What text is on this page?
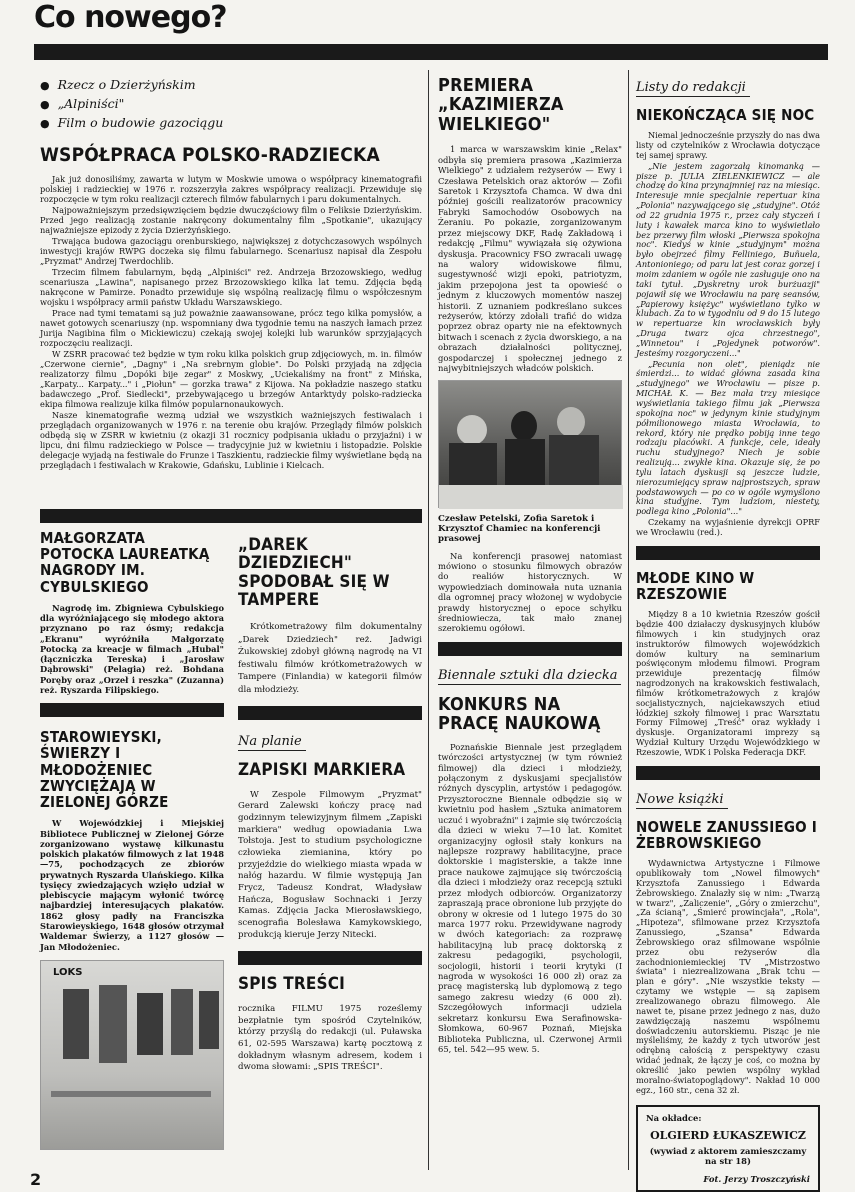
Co nowego?
● Rzecz o Dzierżyńskim
● „Alpiniści"
● Film o budowie gazociągu
WSPÓŁPRACA POLSKO-RADZIECKA

Jak już donosiliśmy, zawarta w lutym w Moskwie umowa o współpracy kinematografii polskiej i radzieckiej w 1976 r. rozszerzyła zakres współpracy realizacji. Przewiduje się rozpoczęcie w tym roku realizacji czterech filmów fabularnych i paru dokumentalnych.

Najpoważniejszym przedsięwzięciem będzie dwuczęściowy film o Feliksie Dzierżyńskim. Przed jego realizacją zostanie nakręcony dokumentalny film „Spotkanie", ukazujący najważniejsze epizody z życia Dzierżyńskiego.

Trwająca budowa gazociągu orenburskiego, największej z dotychczasowych wspólnych inwestycji krajów RWPG doczeka się filmu fabularnego. Scenariusz napisał dla Zespołu „Pryzmat" Andrzej Twerdochlib.

Trzecim filmem fabularnym, będą „Alpiniści" reż. Andrzeja Brzozowskiego, według scenariusza „Lawina", napisanego przez Brzozowskiego kilka lat temu. Zdjęcia będą nakręcone w Pamirze. Ponadto przewiduje się wspólną realizację filmu o współczesnym wojsku i współpracy armii państw Układu Warszawskiego.

Prace nad tymi tematami są już poważnie zaawansowane, prócz tego kilka pomysłów, a nawet gotowych scenariuszy (np. wspomniany dwa tygodnie temu na naszych łamach przez Jurija Nagibina film o Mickiewiczu) czekają swojej kolejki lub warunków sprzyjających rozpoczęciu realizacji.

W ZSRR pracować też będzie w tym roku kilka polskich grup zdjęciowych, m. in. filmów „Czerwone ciernie", „Dagny" i „Na srebrnym globie". Do Polski przyjadą na zdjęcia realizatorzy filmu „Dopóki bije zegar" z Moskwy, „Uciekaliśmy na front" z Mińska, „Karpaty... Karpaty..." i „Piołun" — gorzka trawa" z Kijowa. Na pokładzie naszego statku badawczego „Prof. Siedlecki", przebywającego u brzegów Antarktydy polsko-radziecka ekipa filmowa realizuje kilka filmów popularnonaukowych.

Nasze kinematografie wezmą udział we wszystkich ważniejszych festiwalach i przeglądach organizowanych w 1976 r. na terenie obu krajów. Przeglądy filmów polskich odbędą się w ZSRR w kwietniu (z okazji 31 rocznicy podpisania układu o przyjaźni) i w lipcu, dni filmu radzieckiego w Polsce — tradycyjnie już w kwietniu i listopadzie. Polskie delegacje wyjadą na festiwale do Frunze i Taszkientu, radzieckie filmy wyświetlane będą na przeglądach i festiwalach w Krakowie, Gdańsku, Lublinie i Kielcach.

MAŁGORZATA POTOCKA LAUREATKĄ NAGRODY IM. CYBULSKIEGO

Nagrodę im. Zbigniewa Cybulskiego dla wyróżniającego się młodego aktora przyznano po raz ósmy; redakcja „Ekranu" wyróżniła Małgorzatę Potocką za kreacje w filmach „Hubal" (łączniczka Tereska) i „Jarosław Dąbrowski" (Pelagia) reż. Bohdana Poręby oraz „Orzeł i reszka" (Zuzanna) reż. Ryszarda Filipskiego.

STAROWIEYSKI, ŚWIERZY I MŁODOŻENIEC ZWYCIĘŻAJĄ W ZIELONEJ GÓRZE

W Wojewódzkiej i Miejskiej Bibliotece Publicznej w Zielonej Górze zorganizowano wystawę kilkunastu polskich plakatów filmowych z lat 1948—75, pochodzących ze zbiorów prywatnych Ryszarda Ulańskiego. Kilka tysięcy zwiedzających wzięło udział w plebiscycie mającym wyłonić twórcę najbardziej interesujących plakatów. 1862 głosy padły na Franciszka Starowieyskiego, 1648 głosów otrzymał Waldemar Świerzy, a 1127 głosów — Jan Młodożeniec.

LOKS
„DAREK DZIEDZIECH" SPODOBAŁ SIĘ W TAMPERE

Krótkometrażowy film dokumentalny „Darek Dziedziech" reż. Jadwigi Żukowskiej zdobył główną nagrodę na VI festiwalu filmów krótkometrażowych w Tampere (Finlandia) w kategorii filmów dla młodzieży.

Na planie
ZAPISKI MARKIERA

W Zespole Filmowym „Pryzmat" Gerard Zalewski kończy pracę nad godzinnym telewizyjnym filmem „Zapiski markiera" według opowiadania Lwa Tołstoja. Jest to studium psychologiczne człowieka ziemianina, który po przyjeździe do wielkiego miasta wpada w nałóg hazardu. W filmie występują Jan Frycz, Tadeusz Kondrat, Władysław Hańcza, Bogusław Sochnacki i Jerzy Kamas. Zdjęcia Jacka Mierosławskiego, scenografia Bolesława Kamykowskiego, produkcją kieruje Jerzy Nitecki.

SPIS TREŚCI

rocznika FILMU 1975 roześlemy bezpłatnie tym spośród Czytelników, którzy przyślą do redakcji (ul. Puławska 61, 02-595 Warszawa) kartę pocztową z dokładnym własnym adresem, kodem i dwoma słowami: „SPIS TREŚCI".

PREMIERA „KAZIMIERZA WIELKIEGO"

1 marca w warszawskim kinie „Relax" odbyła się premiera prasowa „Kazimierza Wielkiego" z udziałem reżyserów — Ewy i Czesława Petelskich oraz aktorów — Zofii Saretok i Krzysztofa Chamca. W dwa dni później gościli realizatorów pracownicy Fabryki Samochodów Osobowych na Żeraniu. Po pokazie, zorganizowanym przez miejscowy DKF, Radę Zakładową i redakcję „Filmu" wywiązała się ożywiona dyskusja. Pracownicy FSO zwracali uwagę na walory widowiskowe filmu, sugestywność wizji epoki, patriotyzm, jakim przepojona jest ta opowieść o jednym z kluczowych momentów naszej historii. Z uznaniem podkreślano sukces reżyserów, którzy zdołali trafić do widza poprzez obraz oparty nie na efektownych bitwach i scenach z życia dworskiego, a na obrazach działalności politycznej, gospodarczej i społecznej jednego z najwybitniejszych władców polskich.

Czesław Petelski, Zofia Saretok i Krzysztof Chamiec na konferencji prasowej

Na konferencji prasowej natomiast mówiono o stosunku filmowych obrazów do realiów historycznych. W wypowiedziach dominowała nuta uznania dla ogromnej pracy włożonej w wydobycie prawdy historycznej o epoce schyłku średniowiecza, tak mało znanej szerokiemu ogółowi.

Biennale sztuki dla dziecka
KONKURS NA PRACĘ NAUKOWĄ

Poznańskie Biennale jest przeglądem twórczości artystycznej (w tym również filmowej) dla dzieci i młodzieży, połączonym z dyskusjami specjalistów różnych dyscyplin, artystów i pedagogów. Przysztoroczne Biennale odbędzie się w kwietniu pod hasłem „Sztuka animatorem uczuć i wyobraźni" i zajmie się twórczością dla dzieci w wieku 7—10 lat. Komitet organizacyjny ogłosił stały konkurs na najlepsze rozprawy habilitacyjne, prace doktorskie i magisterskie, a także inne prace naukowe zajmujące się twórczością dla dzieci i młodzieży oraz recepcją sztuki przez młodych odbiorców. Organizatorzy zapraszają prace obronione lub przyjęte do obrony w okresie od 1 lutego 1975 do 30 marca 1977 roku. Przewidywane nagrody w dwóch kategoriach: za rozprawę habilitacyjną lub pracę doktorską z zakresu pedagogiki, psychologii, socjologii, historii i teorii krytyki (I nagroda w wysokości 16 000 zł) oraz za pracę magisterską lub dyplomową z tego samego zakresu wiedzy (6 000 zł). Szczegółowych informacji udziela sekretarz konkursu Ewa Serafinowska-Słomkowa, 60-967 Poznań, Miejska Biblioteka Publiczna, ul. Czerwonej Armii 65, tel. 542—95 wew. 5.

Listy do redakcji
NIEKOŃCZĄCA SIĘ NOC

Niemal jednocześnie przyszły do nas dwa listy od czytelników z Wrocławia dotyczące tej samej sprawy.

„Nie jestem zagorzałą kinomanką — pisze p. JULIA ZIELENKIEWICZ — ale chodzę do kina przynajmniej raz na miesiąc. Interesuje mnie specjalnie repertuar kina „Polonia" nazywającego się „studyjne". Otóż od 22 grudnia 1975 r., przez cały styczeń i luty i kawałek marca kino to wyświetlało bez przerwy film włoski „Pierwsza spokojna noc". Kiedyś w kinie „studyjnym" można było obejrzeć filmy Felliniego, Buñuela, Antonioniego; od paru lat jest coraz gorzej i moim zdaniem w ogóle nie zasługuje ono na taki tytuł. „Dyskretny urok burżuazji" pojawił się we Wrocławiu na parę seansów, „Papierowy księżyc" wyświetlano tylko w klubach. Za to w tygodniu od 9 do 15 lutego w repertuarze kin wrocławskich były „Druga twarz ojca chrzestnego", „Winnetou" i „Pojedynek potworów". Jesteśmy rozgoryczeni..."

„Pecunia non olet", pieniądz nie śmierdzi... to widać główna zasada kina „studyjnego" we Wrocławiu — pisze p. MICHAŁ K. — Bez mała trzy miesiące wyświetlania takiego filmu jak „Pierwsza spokojna noc" w jedynym kinie studyjnym półmilionowego miasta Wrocławia, to rekord, który nie prędko pobiją inne tego rodzaju placówki. A funkcje, cele, ideały ruchu studyjnego? Niech je sobie realizują... zwykłe kina. Okazuje się, że po tylu latach dyskusji są jeszcze ludzie, nierozumiejący spraw najprostszych, spraw podstawowych — po co w ogóle wymyślono kina studyjne. Tym ludziom, niestety, podlega kino „Polonia"..."

Czekamy na wyjaśnienie dyrekcji OPRF we Wrocławiu (red.).

MŁODE KINO W RZESZOWIE

Między 8 a 10 kwietnia Rzeszów gościł będzie 400 działaczy dyskusyjnych klubów filmowych i kin studyjnych oraz instruktorów filmowych wojewódzkich domów kultury na seminarium poświęconym młodemu filmowi. Program przewiduje prezentację filmów nagrodzonych na krakowskich festiwalach, filmów krótkometrażowych z krajów socjalistycznych, najciekawszych etiud łódzkiej szkoły filmowej i prac Warsztatu Formy Filmowej „Treść" oraz wykłady i dyskusje. Organizatorami imprezy są Wydział Kultury Urzędu Wojewódzkiego w Rzeszowie, WDK i Polska Federacja DKF.

Nowe książki
NOWELE ZANUSSIEGO I ŻEBROWSKIEGO

Wydawnictwa Artystyczne i Filmowe opublikowały tom „Nowel filmowych" Krzysztofa Zanussiego i Edwarda Żebrowskiego. Znalazły się w nim: „Twarzą w twarz", „Zaliczenie", „Góry o zmierzchu", „Za ścianą", „Śmierć prowincjała", „Rola", „Hipoteza", sfilmowane przez Krzysztofa Zanussiego, „Szansa" Edwarda Żebrowskiego oraz sfilmowane wspólnie przez obu reżyserów dla zachodnioniemieckiej TV „Mistrzostwo świata" i niezrealizowana „Brak tchu — plan e góry". „Nie wszystkie teksty — czytamy we wstępie — są zapisem zrealizowanego obrazu filmowego. Ale nawet te, pisane przez jednego z nas, dużo zawdzięczają naszemu wspólnemu doświadczeniu autorskiemu. Pisząc je nie myśleliśmy, że każdy z tych utworów jest odrębną całością z perspektywy czasu widać jednak, że łączy je coś, co można by określić jako pewien wspólny wykład moralno-światopoglądowy". Nakład 10 000 egz., 160 str., cena 32 zł.

Na okładce:
OLGIERD ŁUKASZEWICZ
(wywiad z aktorem zamieszczamy na str 18)
Fot. Jerzy Troszczyński
2
